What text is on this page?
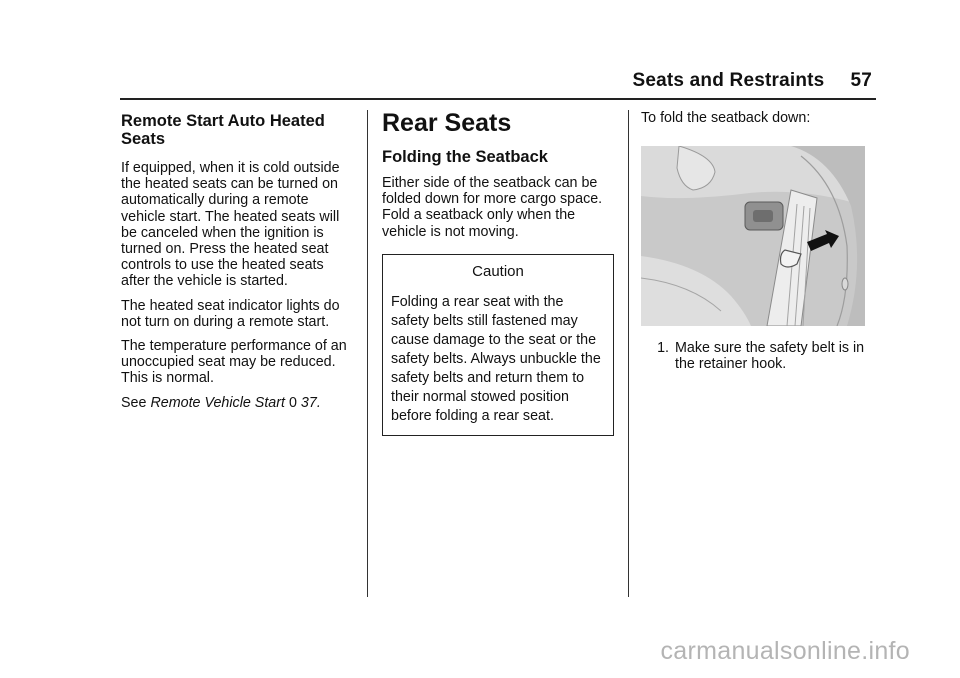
Seats and Restraints 57
Remote Start Auto Heated Seats

If equipped, when it is cold outside the heated seats can be turned on automatically during a remote vehicle start. The heated seats will be canceled when the ignition is turned on. Press the heated seat controls to use the heated seats after the vehicle is started.

The heated seat indicator lights do not turn on during a remote start.

The temperature performance of an unoccupied seat may be reduced. This is normal.

See Remote Vehicle Start 0 37.

Rear Seats
Folding the Seatback

Either side of the seatback can be folded down for more cargo space. Fold a seatback only when the vehicle is not moving.

Caution
Folding a rear seat with the safety belts still fastened may cause damage to the seat or the safety belts. Always unbuckle the safety belts and return them to their normal stowed position before folding a rear seat.

To fold the seatback down:

1. Make sure the safety belt is in the retainer hook.
carmanualsonline.info
